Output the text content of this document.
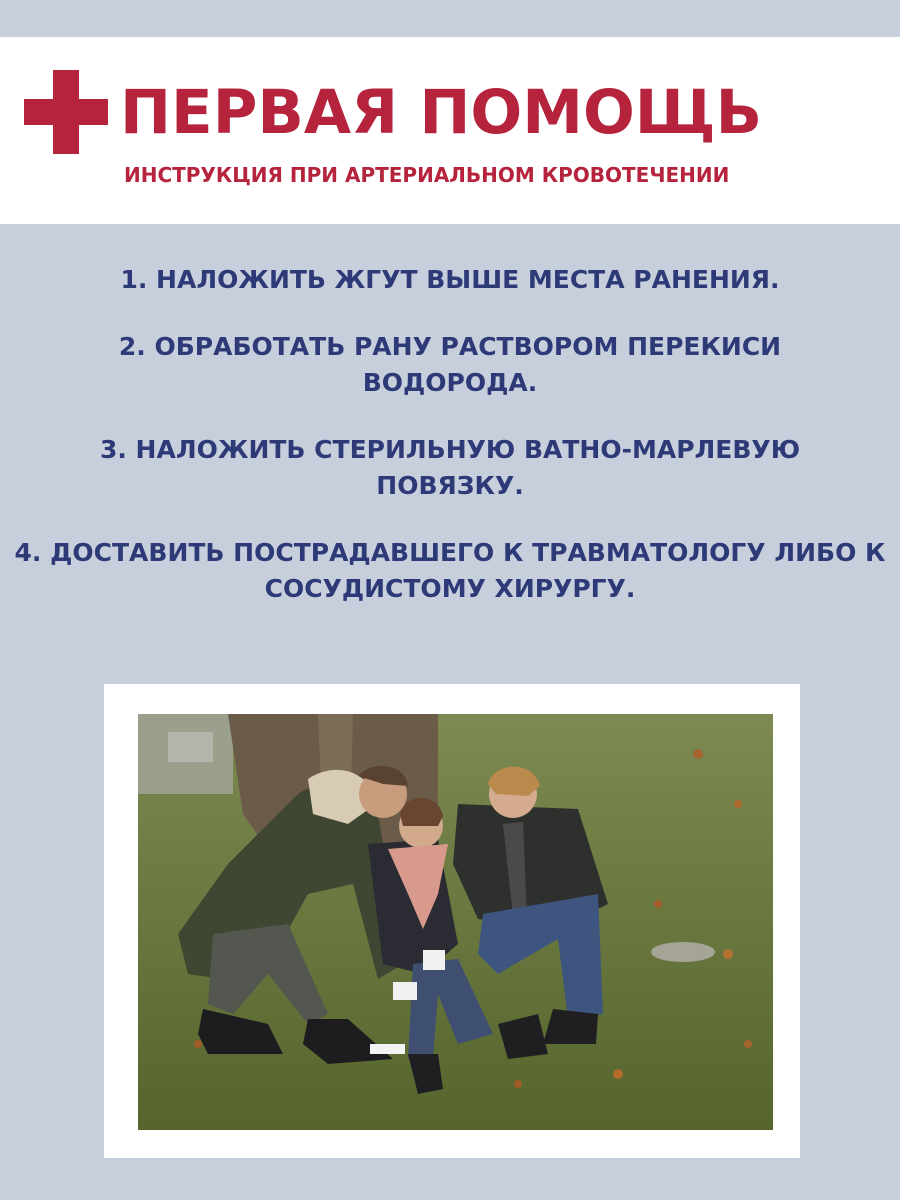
ПЕРВАЯ ПОМОЩЬ
ИНСТРУКЦИЯ ПРИ АРТЕРИАЛЬНОМ КРОВОТЕЧЕНИИ
1. НАЛОЖИТЬ ЖГУТ ВЫШЕ МЕСТА РАНЕНИЯ.
2. ОБРАБОТАТЬ РАНУ РАСТВОРОМ ПЕРЕКИСИ ВОДОРОДА.
3. НАЛОЖИТЬ СТЕРИЛЬНУЮ ВАТНО-МАРЛЕВУЮ ПОВЯЗКУ.
4. ДОСТАВИТЬ ПОСТРАДАВШЕГО К ТРАВМАТОЛОГУ ЛИБО К СОСУДИСТОМУ ХИРУРГУ.
